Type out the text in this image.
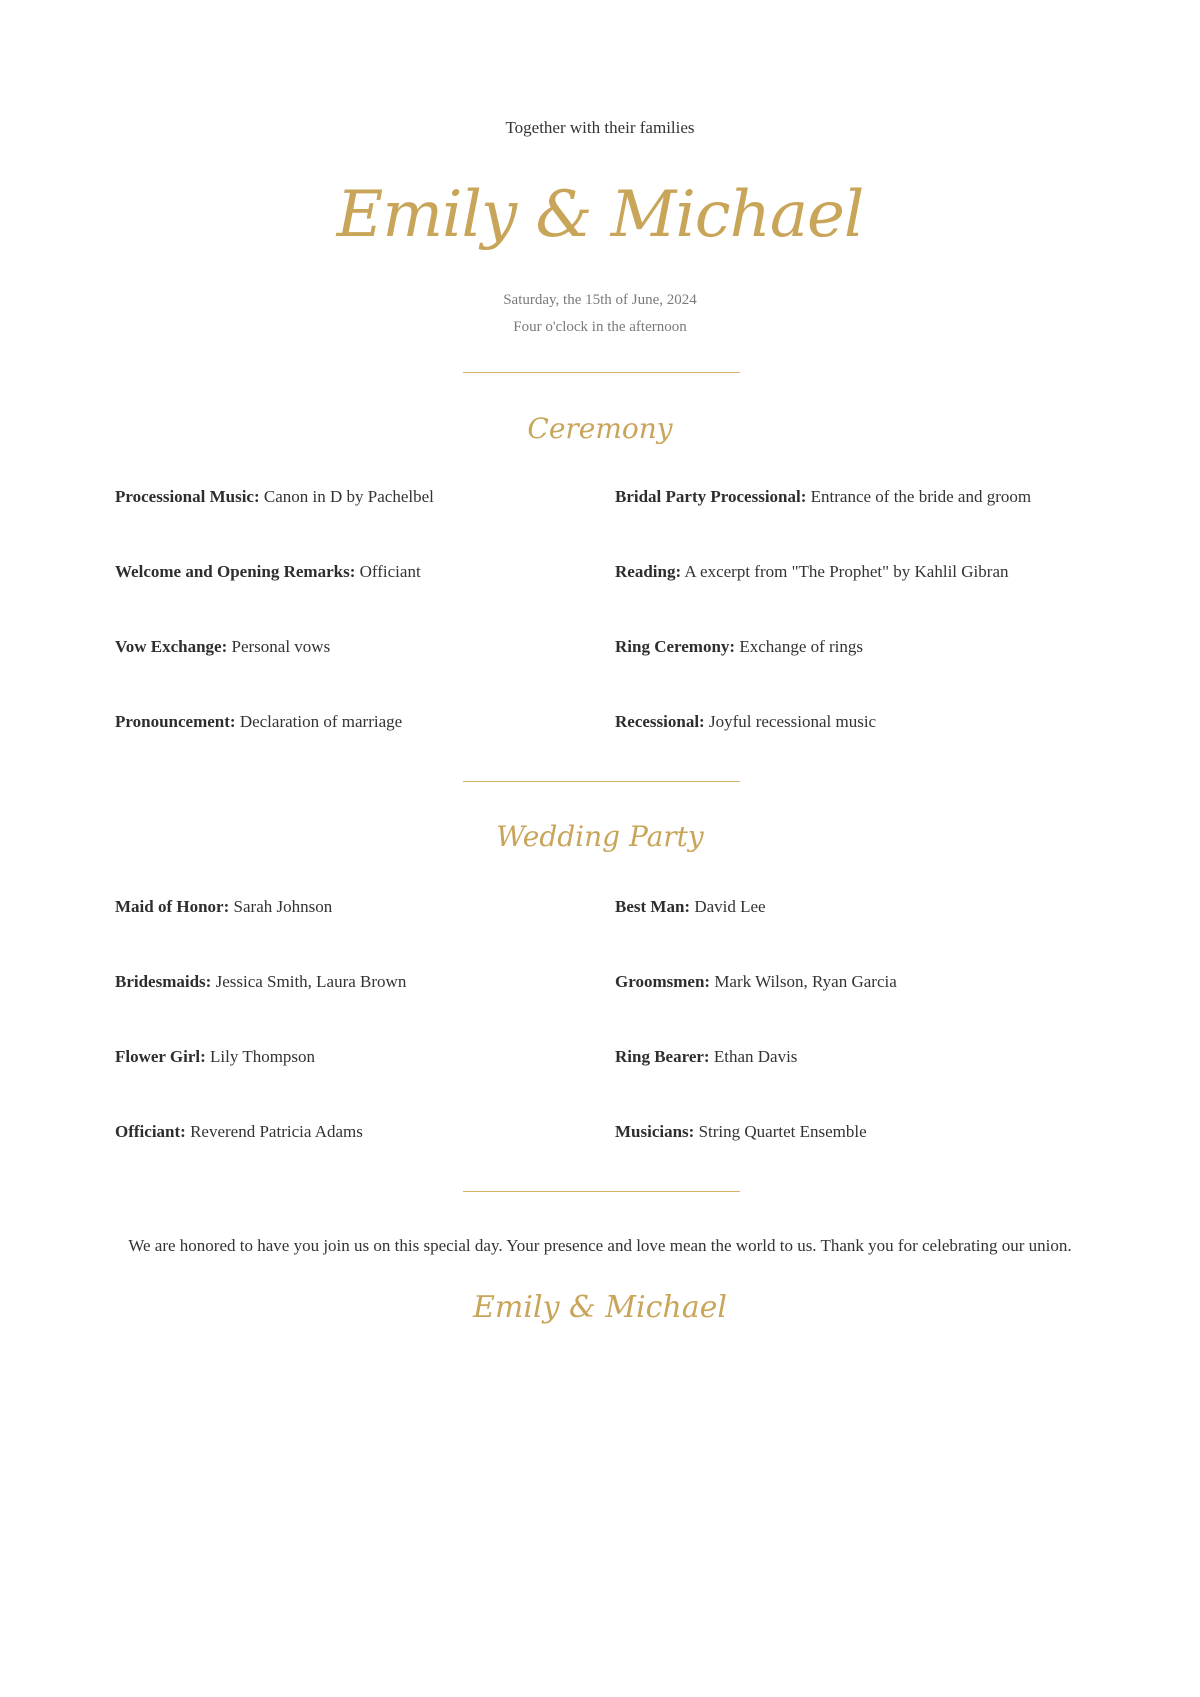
Together with their families
Emily & Michael
Saturday, the 15th of June, 2024
Four o'clock in the afternoon
Ceremony
Processional Music: Canon in D by Pachelbel	Bridal Party Processional: Entrance of the bride and groom
Welcome and Opening Remarks: Officiant	Reading: A excerpt from "The Prophet" by Kahlil Gibran
Vow Exchange: Personal vows	Ring Ceremony: Exchange of rings
Pronouncement: Declaration of marriage	Recessional: Joyful recessional music
Wedding Party
Maid of Honor: Sarah Johnson	Best Man: David Lee
Bridesmaids: Jessica Smith, Laura Brown	Groomsmen: Mark Wilson, Ryan Garcia
Flower Girl: Lily Thompson	Ring Bearer: Ethan Davis
Officiant: Reverend Patricia Adams	Musicians: String Quartet Ensemble
We are honored to have you join us on this special day. Your presence and love mean the world to us. Thank you for celebrating our union.
Emily & Michael
